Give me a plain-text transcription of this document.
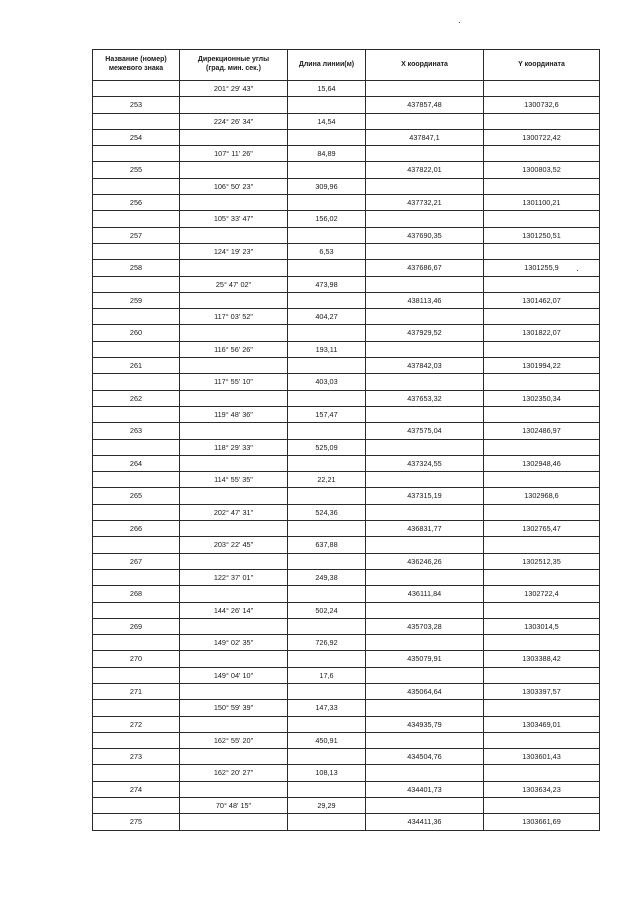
Название (номер)
межевого знака	Дирекционные углы
(град. мин. сек.)	Длина линии(м)	X координата	Y координата
	201° 29' 43"	15,64		
253			437857,48	1300732,6
	224° 26' 34"	14,54		
254			437847,1	1300722,42
	107° 11' 26"	84,89		
255			437822,01	1300803,52
	106° 50' 23"	309,96		
256			437732,21	1301100,21
	105° 33' 47"	156,02		
257			437690,35	1301250,51
	124° 19' 23"	6,53		
258			437686,67	1301255,9
	25° 47' 02"	473,98		
259			438113,46	1301462,07
	117° 03' 52"	404,27		
260			437929,52	1301822,07
	116° 56' 26"	193,11		
261			437842,03	1301994,22
	117° 55' 10"	403,03		
262			437653,32	1302350,34
	119° 48' 36"	157,47		
263			437575,04	1302486,97
	118° 29' 33"	525,09		
264			437324,55	1302948,46
	114° 55' 35"	22,21		
265			437315,19	1302968,6
	202° 47' 31"	524,36		
266			436831,77	1302765,47
	203° 22' 45"	637,88		
267			436246,26	1302512,35
	122° 37' 01"	249,38		
268			436111,84	1302722,4
	144° 26' 14"	502,24		
269			435703,28	1303014,5
	149° 02' 35"	726,92		
270			435079,91	1303388,42
	149° 04' 10"	17,6		
271			435064,64	1303397,57
	150° 59' 39"	147,33		
272			434935,79	1303469,01
	162° 55' 20"	450,91		
273			434504,76	1303601,43
	162° 20' 27"	108,13		
274			434401,73	1303634,23
	70° 48' 15"	29,29		
275			434411,36	1303661,69
